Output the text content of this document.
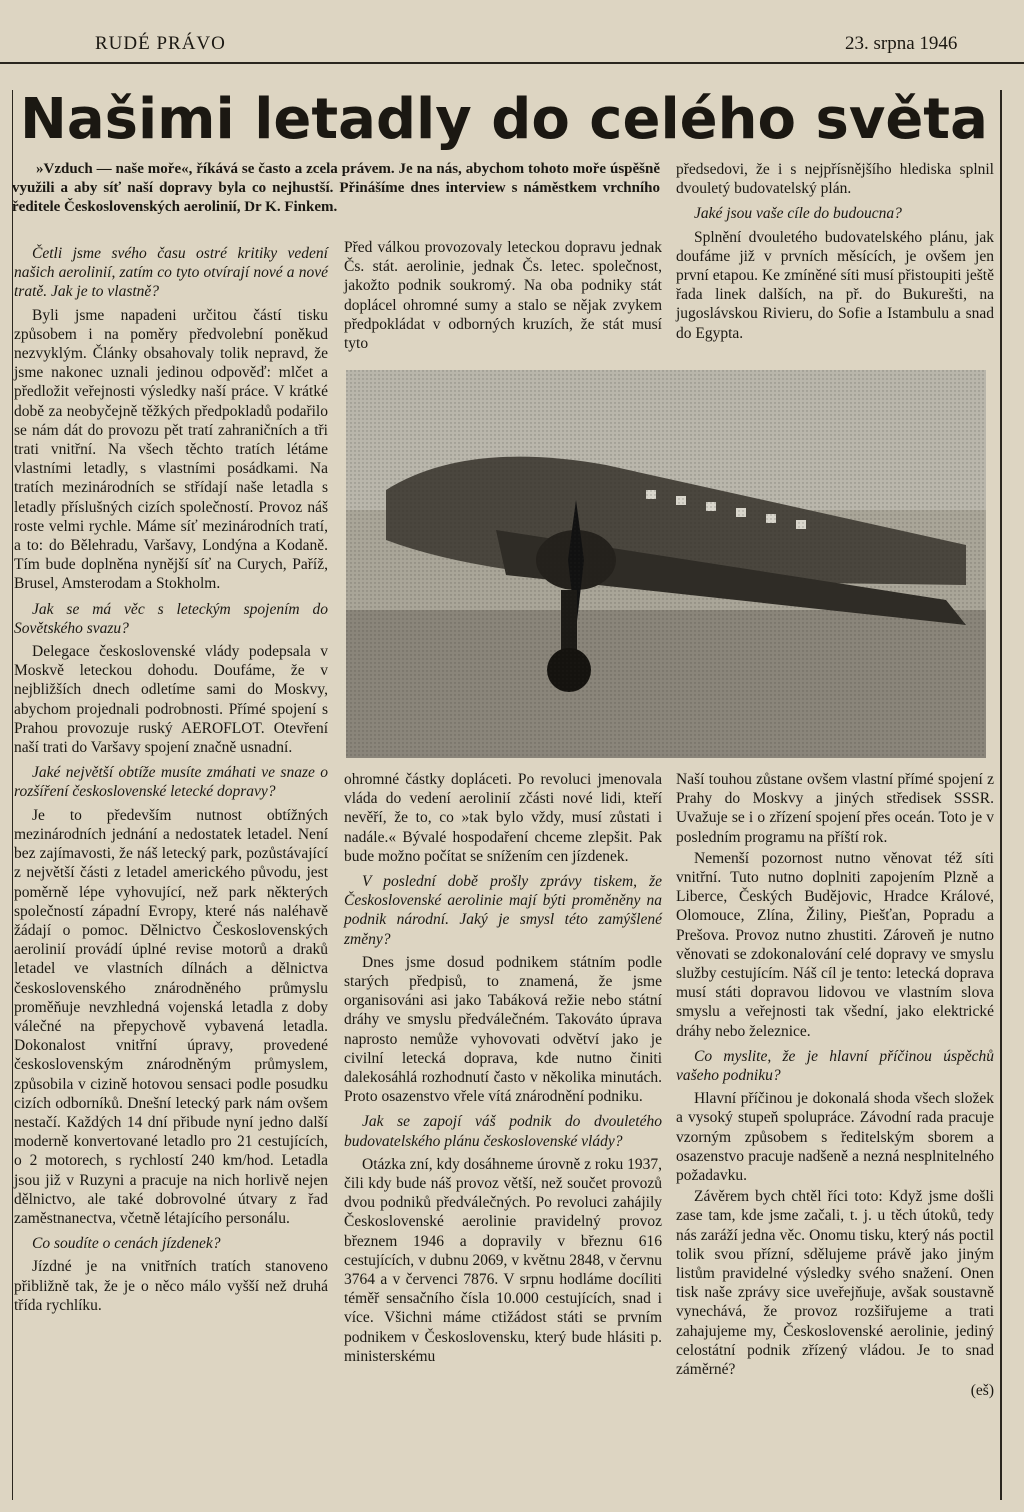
RUDÉ PRÁVO	23. srpna 1946
Našimi letadly do celého světa
»Vzduch — naše moře«, říkává se často a zcela právem. Je na nás, abychom tohoto moře úspěšně využili a aby síť naší dopravy byla co nejhustší. Přinášíme dnes interview s náměstkem vrchního ředitele Československých aerolinií, Dr K. Finkem.

Četli jsme svého času ostré kritiky vedení našich aerolinií, zatím co tyto otvírají nové a nové tratě. Jak je to vlastně?

Byli jsme napadeni určitou částí tisku způsobem i na poměry předvolební poněkud nezvyklým. Články obsahovaly tolik nepravd, že jsme nakonec uznali jedinou odpověď: mlčet a předložit veřejnosti výsledky naší práce. V krátké době za neobyčejně těžkých předpokladů podařilo se nám dát do provozu pět tratí zahraničních a tři trati vnitřní. Na všech těchto tratích létáme vlastními letadly, s vlastními posádkami. Na tratích mezinárodních se střídají naše letadla s letadly příslušných cizích společností. Provoz náš roste velmi rychle. Máme síť mezinárodních tratí, a to: do Bělehradu, Varšavy, Londýna a Kodaně. Tím bude doplněna nynější síť na Curych, Paříž, Brusel, Amsterodam a Stokholm.

Jak se má věc s leteckým spojením do Sovětského svazu?

Delegace československé vlády podepsala v Moskvě leteckou dohodu. Doufáme, že v nejbližších dnech odletíme sami do Moskvy, abychom projednali podrobnosti. Přímé spojení s Prahou provozuje ruský AEROFLOT. Otevření naší trati do Varšavy spojení značně usnadní.

Jaké největší obtíže musíte zmáhati ve snaze o rozšíření československé letecké dopravy?

Je to především nutnost obtížných mezinárodních jednání a nedostatek letadel. Není bez zajímavosti, že náš letecký park, pozůstávající z největší části z letadel amerického původu, jest poměrně lépe vyhovující, než park některých společností západní Evropy, které nás naléhavě žádají o pomoc. Dělnictvo Československých aerolinií provádí úplné revise motorů a draků letadel ve vlastních dílnách a dělnictva československého znárodněného průmyslu proměňuje nevzhledná vojenská letadla z doby válečné na přepychově vybavená letadla. Dokonalost vnitřní úpravy, provedené československým znárodněným průmyslem, způsobila v cizině hotovou sensaci podle posudku cizích odborníků. Dnešní letecký park nám ovšem nestačí. Každých 14 dní přibude nyní jedno další moderně konvertované letadlo pro 21 cestujících, o 2 motorech, s rychlostí 240 km/hod. Letadla jsou již v Ruzyni a pracuje na nich horlivě nejen dělnictvo, ale také dobrovolné útvary z řad zaměstnanectva, včetně létajícího personálu.

Co soudíte o cenách jízdenek?

Jízdné je na vnitřních tratích stanoveno přibližně tak, že je o něco málo vyšší než druhá třída rychlíku.

Před válkou provozovaly leteckou dopravu jednak Čs. stát. aerolinie, jednak Čs. letec. společnost, jakožto podnik soukromý. Na oba podniky stát doplácel ohromné sumy a stalo se nějak zvykem předpokládat v odborných kruzích, že stát musí tyto

ohromné částky dopláceti. Po revoluci jmenovala vláda do vedení aerolinií zčásti nové lidi, kteří nevěří, že to, co »tak bylo vždy, musí zůstati i nadále.« Bývalé hospodaření chceme zlepšit. Pak bude možno počítat se snížením cen jízdenek.

V poslední době prošly zprávy tiskem, že Československé aerolinie mají býti proměněny na podnik národní. Jaký je smysl této zamýšlené změny?

Dnes jsme dosud podnikem státním podle starých předpisů, to znamená, že jsme organisováni asi jako Tabáková režie nebo státní dráhy ve smyslu předválečném. Takováto úprava naprosto nemůže vyhovovati odvětví jako je civilní letecká doprava, kde nutno činiti dalekosáhlá rozhodnutí často v několika minutách. Proto osazenstvo vřele vítá znárodnění podniku.

Jak se zapojí váš podnik do dvouletého budovatelského plánu československé vlády?

Otázka zní, kdy dosáhneme úrovně z roku 1937, čili kdy bude náš provoz větší, než součet provozů dvou podniků předválečných. Po revoluci zahájily Československé aerolinie pravidelný provoz březnem 1946 a dopravily v březnu 616 cestujících, v dubnu 2069, v květnu 2848, v červnu 3764 a v červenci 7876. V srpnu hodláme docíliti téměř sensačního čísla 10.000 cestujících, snad i více. Všichni máme ctižádost státi se prvním podnikem v Československu, který bude hlásiti p. ministerskému

předsedovi, že i s nejpřísnějšího hlediska splnil dvouletý budovatelský plán.

Jaké jsou vaše cíle do budoucna?

Splnění dvouletého budovatelského plánu, jak doufáme již v prvních měsících, je ovšem jen první etapou. Ke zmíněné síti musí přistoupiti ještě řada linek dalších, na př. do Bukurešti, na jugoslávskou Rivieru, do Sofie a Istambulu a snad do Egypta.

Naší touhou zůstane ovšem vlastní přímé spojení z Prahy do Moskvy a jiných středisek SSSR. Uvažuje se i o zřízení spojení přes oceán. Toto je v posledním programu na příští rok.

Nemenší pozornost nutno věnovat též síti vnitřní. Tuto nutno doplniti zapojením Plzně a Liberce, Českých Budějovic, Hradce Králové, Olomouce, Zlína, Žiliny, Piešťan, Popradu a Prešova. Provoz nutno zhustiti. Zároveň je nutno věnovati se zdokonalování celé dopravy ve smyslu služby cestujícím. Náš cíl je tento: letecká doprava musí státi dopravou lidovou ve vlastním slova smyslu a veřejnosti tak všední, jako elektrické dráhy nebo železnice.

Co myslite, že je hlavní příčinou úspěchů vašeho podniku?

Hlavní příčinou je dokonalá shoda všech složek a vysoký stupeň spolupráce. Závodní rada pracuje vzorným způsobem s ředitelským sborem a osazenstvo pracuje nadšeně a nezná nesplnitelného požadavku.

Závěrem bych chtěl říci toto: Když jsme došli zase tam, kde jsme začali, t. j. u těch útoků, tedy nás zaráží jedna věc. Onomu tisku, který nás poctil tolik svou přízní, sdělujeme právě jako jiným listům pravidelné výsledky svého snažení. Onen tisk naše zprávy sice uveřejňuje, avšak soustavně vynechává, že provoz rozšiřujeme a trati zahajujeme my, Československé aerolinie, jediný celostátní podnik zřízený vládou. Je to snad záměrné?

(eš)
